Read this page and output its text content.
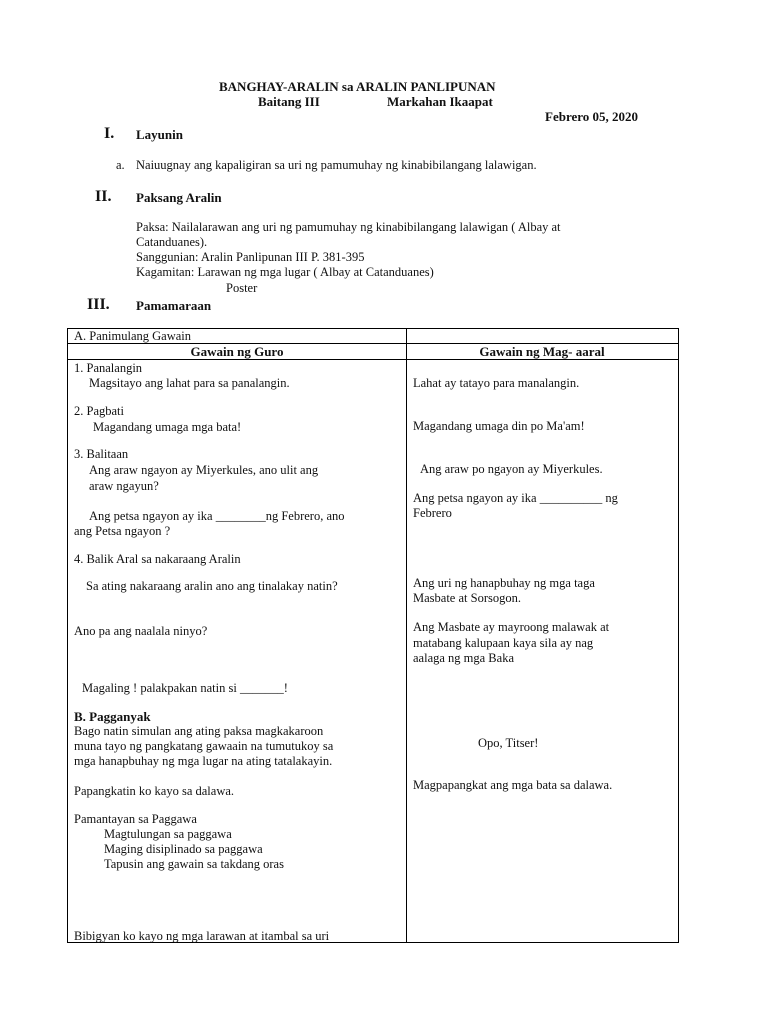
BANGHAY-ARALIN sa ARALIN PANLIPUNAN
Baitang III	Markahan Ikaapat
Febrero 05, 2020
I. Layunin
a. Naiuugnay ang kapaligiran sa uri ng pamumuhay ng kinabibilangang lalawigan.
II. Paksang Aralin
Paksa: Nailalarawan ang uri ng pamumuhay ng kinabibilangang lalawigan ( Albay at
Catanduanes).
Sanggunian: Aralin Panlipunan III P. 381-395
Kagamitan: Larawan ng mga lugar ( Albay at Catanduanes)
Poster
III. Pamamaraan
A. Panimulang Gawain
Gawain ng Guro	Gawain ng Mag- aaral
1. Panalangin
Magsitayo ang lahat para sa panalangin.
2. Pagbati
Magandang umaga mga bata!
3. Balitaan
Ang araw ngayon ay Miyerkules, ano ulit ang
araw ngayun?
Ang petsa ngayon ay ika ________ng Febrero, ano
ang Petsa ngayon ?
4. Balik Aral sa nakaraang Aralin
Sa ating nakaraang aralin ano ang tinalakay natin?
Ano pa ang naalala ninyo?
Magaling ! palakpakan natin si _______!
B. Pagganyak
Bago natin simulan ang ating paksa magkakaroon
muna tayo ng pangkatang gawaain na tumutukoy sa
mga hanapbuhay ng mga lugar na ating tatalakayin.
Papangkatin ko kayo sa dalawa.
Pamantayan sa Paggawa
Magtulungan sa paggawa
Maging disiplinado sa paggawa
Tapusin ang gawain sa takdang oras
Bibigyan ko kayo ng mga larawan at itambal sa uri
Lahat ay tatayo para manalangin.
Magandang umaga din po Ma'am!
Ang araw po ngayon ay Miyerkules.
Ang petsa ngayon ay ika __________ ng
Febrero
Ang uri ng hanapbuhay ng mga taga
Masbate at Sorsogon.
Ang Masbate ay mayroong malawak at
matabang kalupaan kaya sila ay nag
aalaga ng mga Baka
Opo, Titser!
Magpapangkat ang mga bata sa dalawa.
